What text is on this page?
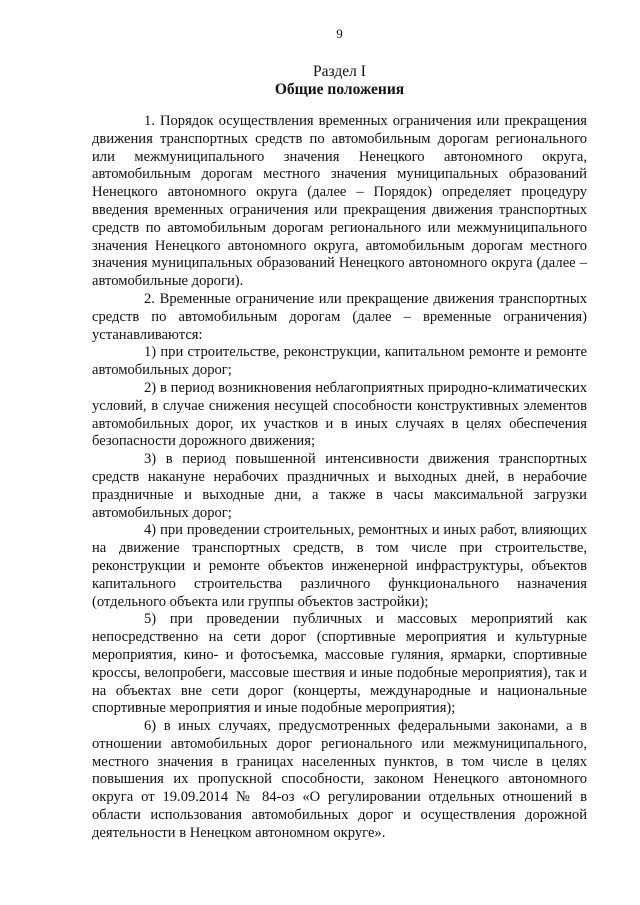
9
Раздел I
Общие положения

1. Порядок осуществления временных ограничения или прекращения движения транспортных средств по автомобильным дорогам регионального или межмуниципального значения Ненецкого автономного округа, автомобильным дорогам местного значения муниципальных образований Ненецкого автономного округа (далее – Порядок) определяет процедуру введения временных ограничения или прекращения движения транспортных средств по автомобильным дорогам регионального или межмуниципального значения Ненецкого автономного округа, автомобильным дорогам местного значения муниципальных образований Ненецкого автономного округа (далее – автомобильные дороги).

2. Временные ограничение или прекращение движения транспортных средств по автомобильным дорогам (далее – временные ограничения) устанавливаются:

1) при строительстве, реконструкции, капитальном ремонте и ремонте автомобильных дорог;

2) в период возникновения неблагоприятных природно-климатических условий, в случае снижения несущей способности конструктивных элементов автомобильных дорог, их участков и в иных случаях в целях обеспечения безопасности дорожного движения;

3) в период повышенной интенсивности движения транспортных средств накануне нерабочих праздничных и выходных дней, в нерабочие праздничные и выходные дни, а также в часы максимальной загрузки автомобильных дорог;

4) при проведении строительных, ремонтных и иных работ, влияющих на движение транспортных средств, в том числе при строительстве, реконструкции и ремонте объектов инженерной инфраструктуры, объектов капитального строительства различного функционального назначения (отдельного объекта или группы объектов застройки);

5) при проведении публичных и массовых мероприятий как непосредственно на сети дорог (спортивные мероприятия и культурные мероприятия, кино- и фотосъемка, массовые гуляния, ярмарки, спортивные кроссы, велопробеги, массовые шествия и иные подобные мероприятия), так и на объектах вне сети дорог (концерты, международные и национальные спортивные мероприятия и иные подобные мероприятия);

6) в иных случаях, предусмотренных федеральными законами, а в отношении автомобильных дорог регионального или межмуниципального, местного значения в границах населенных пунктов, в том числе в целях повышения их пропускной способности, законом Ненецкого автономного округа от 19.09.2014 № 84-оз «О регулировании отдельных отношений в области использования автомобильных дорог и осуществления дорожной деятельности в Ненецком автономном округе».
